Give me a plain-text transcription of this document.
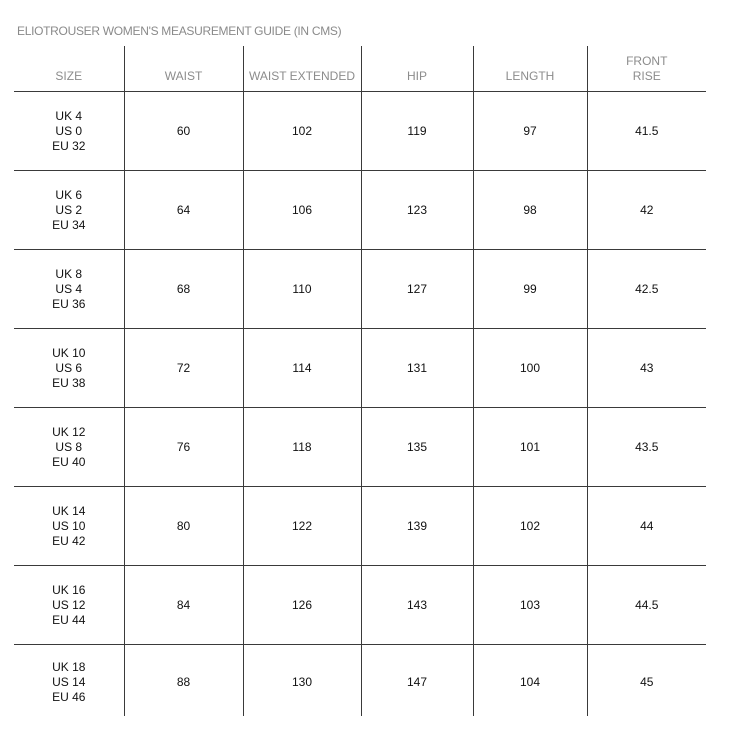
ELIOTROUSER WOMEN'S MEASUREMENT GUIDE (IN CMS)
SIZE	WAIST	WAIST EXTENDED	HIP	LENGTH	FRONT
RISE

UK 4
US 0
EU 32	60	102	119	97	41.5

UK 6
US 2
EU 34	64	106	123	98	42

UK 8
US 4
EU 36	68	110	127	99	42.5

UK 10
US 6
EU 38	72	114	131	100	43

UK 12
US 8
EU 40	76	118	135	101	43.5

UK 14
US 10
EU 42	80	122	139	102	44

UK 16
US 12
EU 44	84	126	143	103	44.5

UK 18
US 14
EU 46	88	130	147	104	45
